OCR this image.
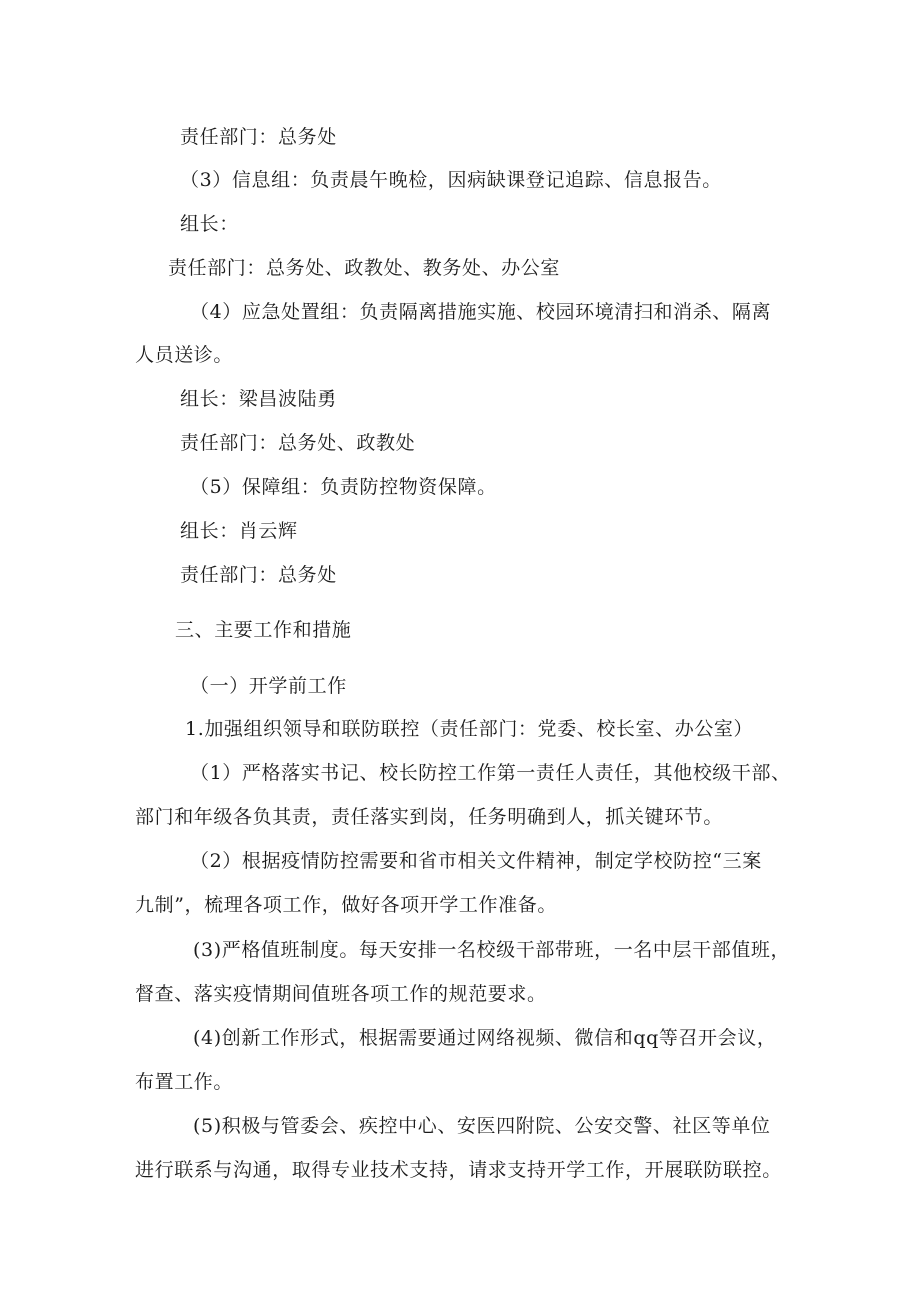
责任部门：总务处
（3）信息组：负责晨午晚检，因病缺课登记追踪、信息报告。
组长：
责任部门：总务处、政教处、教务处、办公室
（4）应急处置组：负责隔离措施实施、校园环境清扫和消杀、隔离
人员送诊。
组长：梁昌波陆勇
责任部门：总务处、政教处
（5）保障组：负责防控物资保障。
组长：肖云辉
责任部门：总务处
三、主要工作和措施
（一）开学前工作
1.加强组织领导和联防联控（责任部门：党委、校长室、办公室）
（1）严格落实书记、校长防控工作第一责任人责任，其他校级干部、
部门和年级各负其责，责任落实到岗，任务明确到人，抓关键环节。
（2）根据疫情防控需要和省市相关文件精神，制定学校防控“三案
九制”，梳理各项工作，做好各项开学工作准备。
(3)严格值班制度。每天安排一名校级干部带班，一名中层干部值班，
督查、落实疫情期间值班各项工作的规范要求。
(4)创新工作形式，根据需要通过网络视频、微信和qq等召开会议，
布置工作。
(5)积极与管委会、疾控中心、安医四附院、公安交警、社区等单位
进行联系与沟通，取得专业技术支持，请求支持开学工作，开展联防联控。
